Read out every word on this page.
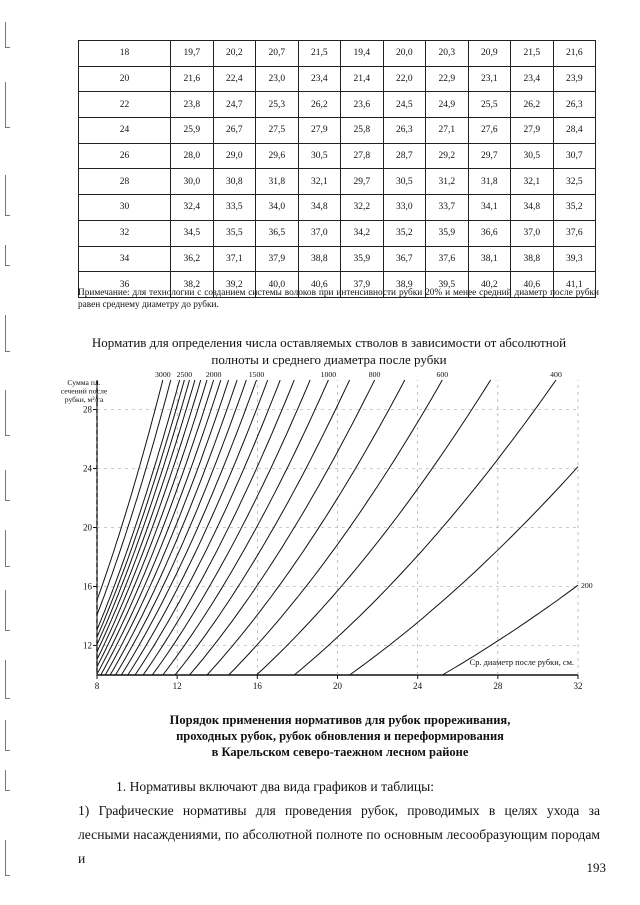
18	19,7	20,2	20,7	21,5	19,4	20,0	20,3	20,9	21,5	21,6
20	21,6	22,4	23,0	23,4	21,4	22,0	22,9	23,1	23,4	23,9
22	23,8	24,7	25,3	26,2	23,6	24,5	24,9	25,5	26,2	26,3
24	25,9	26,7	27,5	27,9	25,8	26,3	27,1	27,6	27,9	28,4
26	28,0	29,0	29,6	30,5	27,8	28,7	29,2	29,7	30,5	30,7
28	30,0	30,8	31,8	32,1	29,7	30,5	31,2	31,8	32,1	32,5
30	32,4	33,5	34,0	34,8	32,2	33,0	33,7	34,1	34,8	35,2
32	34,5	35,5	36,5	37,0	34,2	35,2	35,9	36,6	37,0	37,6
34	36,2	37,1	37,9	38,8	35,9	36,7	37,6	38,1	38,8	39,3
36	38,2	39,2	40,0	40,6	37,9	38,9	39,5	40,2	40,6	41,1
Примечание: для технологии с созданием системы волоков при интенсивности рубки 20% и менее средний диаметр после рубки равен среднему диаметру до рубки.
Норматив для определения числа оставляемых стволов в зависимости от абсолютной полноты и среднего диаметра после рубки
8	12	16	20	24	28	32
12
16
20
24
28
Сумма пл.
сечений после
рубки, м²/га
Ср. диаметр после рубки, см.
3000 2500 2000	1500	1000	800	600	400
200
Порядок применения нормативов для рубок прореживания,
проходных рубок, рубок обновления и переформирования
в Карельском северо-таежном лесном районе
1. Нормативы включают два вида графиков и таблицы:
1) Графические нормативы для проведения рубок, проводимых в целях ухода за
лесными насаждениями, по абсолютной полноте по основным лесообразующим породам и
193
